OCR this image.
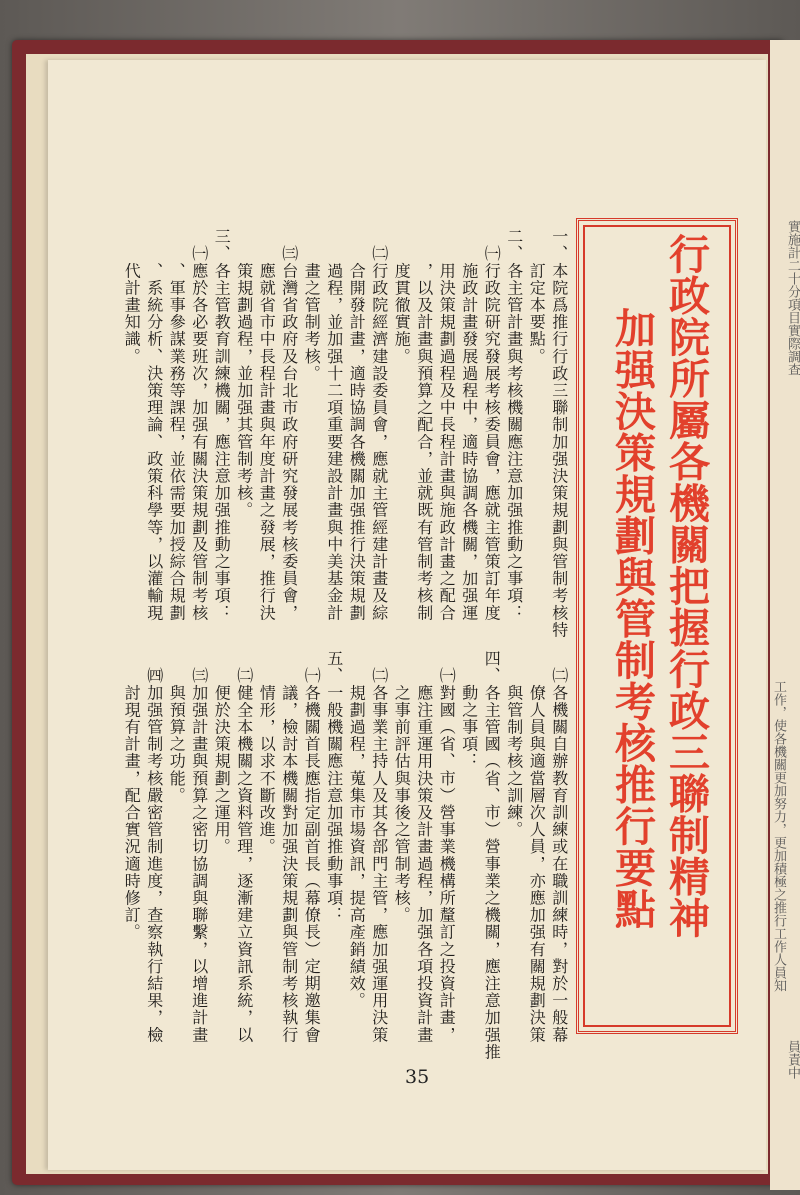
實施計二十分項目實際調查
工作，使各機關更加努力，更加積極之推行工作人員知
員責中
行政院所屬各機關把握行政三聯制精神
加强決策規劃與管制考核推行要點
一、本院爲推行行政三聯制加强決策規劃與管制考核特
　　訂定本要點。
二、各主管計畫與考核機關應注意加强推動之事項：
　㈠行政院研究發展考核委員會，應就主管策訂年度
　　施政計畫發展過程中，適時協調各機關，加强運
　　用決策規劃過程及中長程計畫與施政計畫之配合
　　，以及計畫與預算之配合，並就既有管制考核制
　　度貫徹實施。
　㈡行政院經濟建設委員會，應就主管經建計畫及綜
　　合開發計畫，適時協調各機關加强推行決策規劃
　　過程，並加强十二項重要建設計畫與中美基金計
　　畫之管制考核。
　㈢台灣省政府及台北市政府研究發展考核委員會，
　　應就省市中長程計畫與年度計畫之發展，推行決
　　策規劃過程，並加强其管制考核。
三、各主管教育訓練機關，應注意加强推動之事項：
　㈠應於各必要班次，加强有關決策規劃及管制考核
　　、軍事參謀業務等課程，並依需要加授綜合規劃
　　、系統分析、決策理論、政策科學等，以灌輸現
　　代計畫知識。
　㈡各機關自辦教育訓練或在職訓練時，對於一般幕
　　僚人員與適當層次人員，亦應加强有關規劃決策
　　與管制考核之訓練。
四、各主管國（省、市）營事業之機關，應注意加强推
　　動之事項：
　㈠對國（省、市）營事業機構所釐訂之投資計畫，
　　應注重運用決策及計畫過程，加强各項投資計畫
　　之事前評估與事後之管制考核。
　㈡各事業主持人及其各部門主管，應加强運用決策
　　規劃過程，蒐集市場資訊，提高產銷績效。
五、一般機關應注意加强推動事項：
　㈠各機關首長應指定副首長（幕僚長）定期邀集會
　　議，檢討本機關對加强決策規劃與管制考核執行
　　情形，以求不斷改進。
　㈡健全本機關之資料管理，逐漸建立資訊系統，以
　　便於決策規劃之運用。
　㈢加强計畫與預算之密切協調與聯繫，以增進計畫
　　與預算之功能。
　㈣加强管制考核嚴密管制進度，查察執行結果，檢
　　討現有計畫，配合實況適時修訂。
35
